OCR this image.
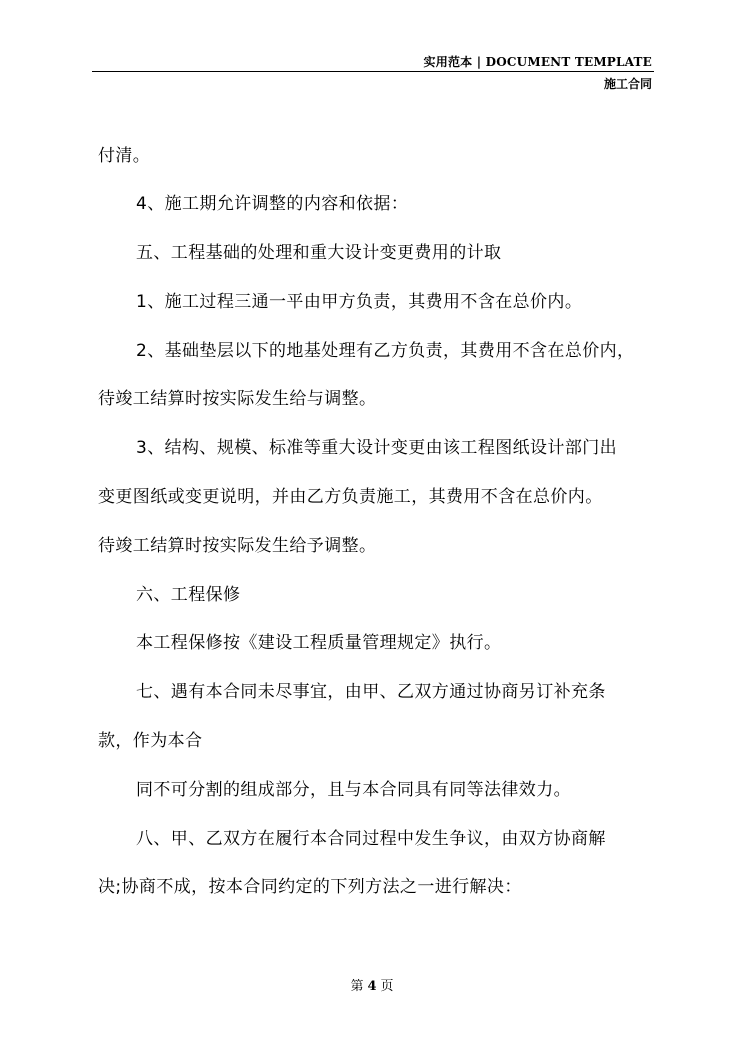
实用范本 | DOCUMENT TEMPLATE
施工合同
付清。
4、施工期允许调整的内容和依据：
五、工程基础的处理和重大设计变更费用的计取
1、施工过程三通一平由甲方负责，其费用不含在总价内。
2、基础垫层以下的地基处理有乙方负责，其费用不含在总价内，
待竣工结算时按实际发生给与调整。
3、结构、规模、标准等重大设计变更由该工程图纸设计部门出
变更图纸或变更说明，并由乙方负责施工，其费用不含在总价内。
待竣工结算时按实际发生给予调整。
六、工程保修
本工程保修按《建设工程质量管理规定》执行。
七、遇有本合同未尽事宜，由甲、乙双方通过协商另订补充条
款，作为本合
同不可分割的组成部分，且与本合同具有同等法律效力。
八、甲、乙双方在履行本合同过程中发生争议，由双方协商解
决;协商不成，按本合同约定的下列方法之一进行解决：
第 4 页
